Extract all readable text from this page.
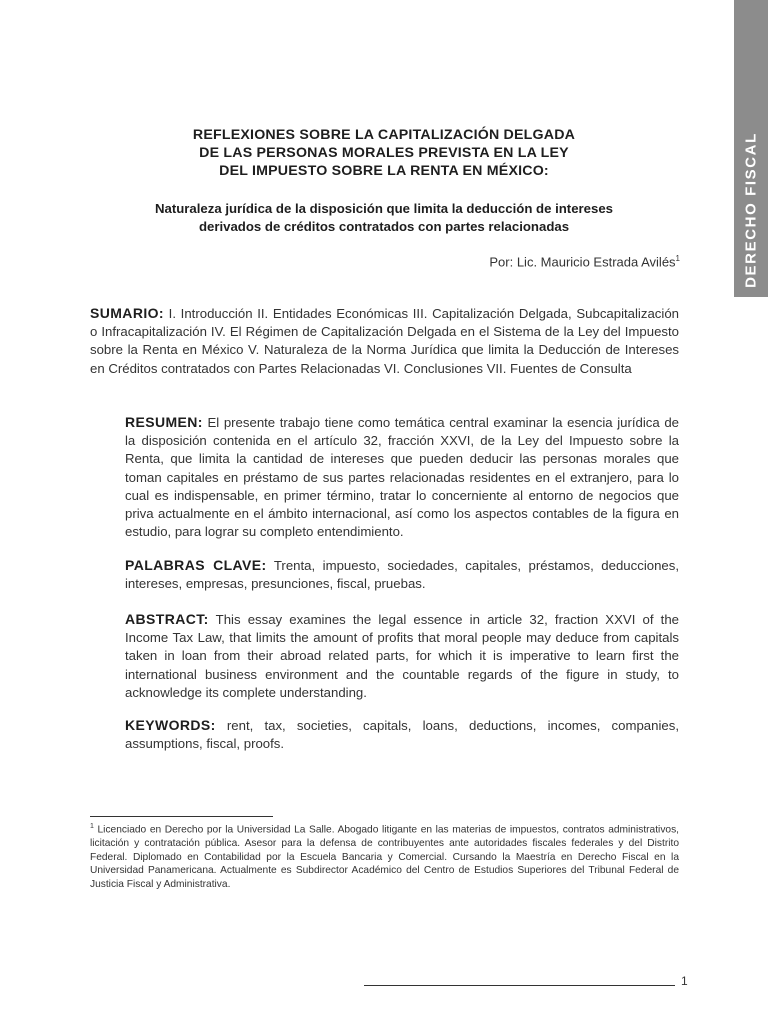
DERECHO FISCAL
REFLEXIONES SOBRE LA CAPITALIZACIÓN DELGADA
DE LAS PERSONAS MORALES PREVISTA EN LA LEY
DEL IMPUESTO SOBRE LA RENTA EN MÉXICO:
Naturaleza jurídica de la disposición que limita la deducción de intereses
derivados de créditos contratados con partes relacionadas
Por: Lic. Mauricio Estrada Avilés$^1$
SUMARIO: I. Introducción II. Entidades Económicas III. Capitalización Delgada, Subcapitalización o Infracapitalización IV. El Régimen de Capitalización Delgada en el Sistema de la Ley del Impuesto sobre la Renta en México V. Naturaleza de la Norma Jurídica que limita la Deducción de Intereses en Créditos contratados con Partes Relacionadas VI. Conclusiones VII. Fuentes de Consulta
RESUMEN: El presente trabajo tiene como temática central examinar la esencia jurídica de la disposición contenida en el artículo 32, fracción XXVI, de la Ley del Impuesto sobre la Renta, que limita la cantidad de intereses que pueden deducir las personas morales que toman capitales en préstamo de sus partes relacionadas residentes en el extranjero, para lo cual es indispensable, en primer término, tratar lo concerniente al entorno de negocios que priva actualmente en el ámbito internacional, así como los aspectos contables de la figura en estudio, para lograr su completo entendimiento.
PALABRAS CLAVE: Trenta, impuesto, sociedades, capitales, préstamos, deducciones, intereses, empresas, presunciones, fiscal, pruebas.
ABSTRACT: This essay examines the legal essence in article 32, fraction XXVI of the Income Tax Law, that limits the amount of profits that moral people may deduce from capitals taken in loan from their abroad related parts, for which it is imperative to learn first the international business environment and the countable regards of the figure in study, to acknowledge its complete understanding.
KEYWORDS: rent, tax, societies, capitals, loans, deductions, incomes, companies, assumptions, fiscal, proofs.
$^1$ Licenciado en Derecho por la Universidad La Salle. Abogado litigante en las materias de impuestos, contratos administrativos, licitación y contratación pública. Asesor para la defensa de contribuyentes ante autoridades fiscales federales y del Distrito Federal. Diplomado en Contabilidad por la Escuela Bancaria y Comercial. Cursando la Maestría en Derecho Fiscal en la Universidad Panamericana. Actualmente es Subdirector Académico del Centro de Estudios Superiores del Tribunal Federal de Justicia Fiscal y Administrativa.
1
